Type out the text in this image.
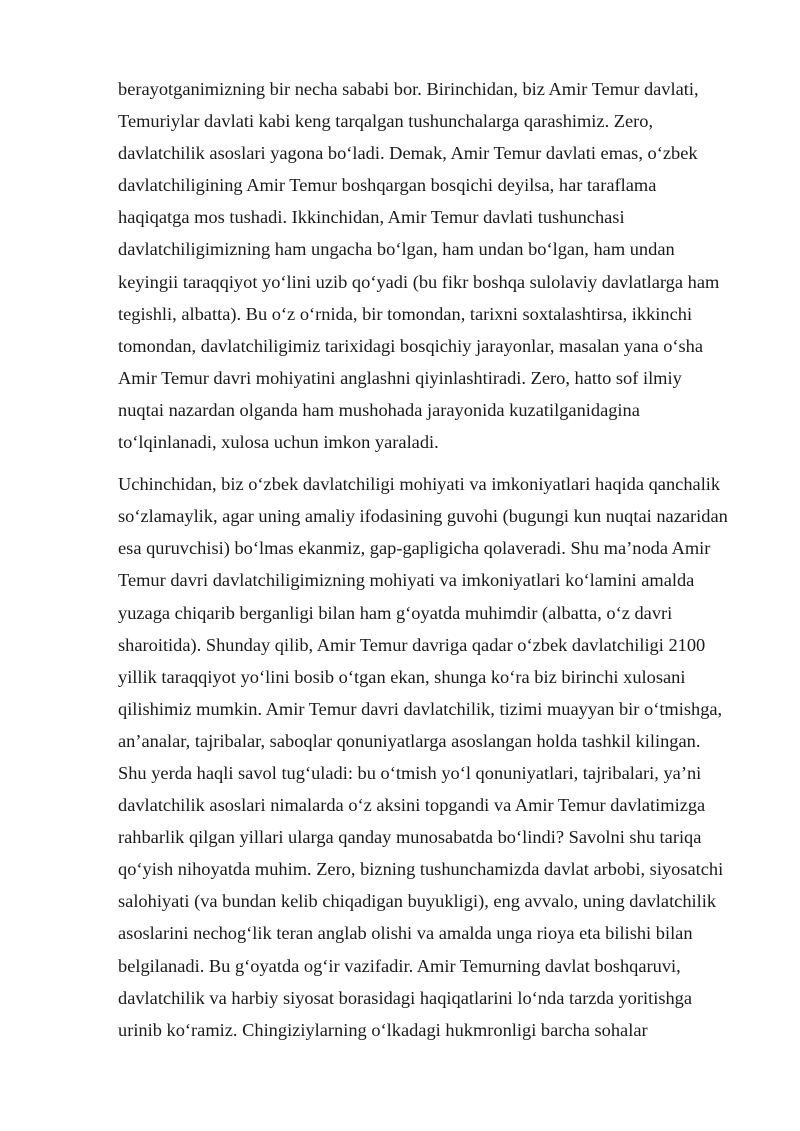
berayotganimizning bir necha sababi bor. Birinchidan, biz Amir Temur davlati,
Temuriylar davlati kabi keng tarqalgan tushunchalarga qarashimiz. Zero,
davlatchilik asoslari yagona boʻladi. Demak, Amir Temur davlati emas, oʻzbek
davlatchiligining Amir Temur boshqargan bosqichi deyilsa, har taraflama
haqiqatga mos tushadi. Ikkinchidan, Amir Temur davlati tushunchasi
davlatchiligimizning ham ungacha boʻlgan, ham undan boʻlgan, ham undan
keyingii taraqqiyot yoʻlini uzib qoʻyadi (bu fikr boshqa sulolaviy davlatlarga ham
tegishli, albatta). Bu oʻz oʻrnida, bir tomondan, tarixni soxtalashtirsa, ikkinchi
tomondan, davlatchiligimiz tarixidagi bosqichiy jarayonlar, masalan yana oʻsha
Amir Temur davri mohiyatini anglashni qiyinlashtiradi. Zero, hatto sof ilmiy
nuqtai nazardan olganda ham mushohada jarayonida kuzatilganidagina
toʻlqinlanadi, xulosa uchun imkon yaraladi.
Uchinchidan, biz oʻzbek davlatchiligi mohiyati va imkoniyatlari haqida qanchalik
soʻzlamaylik, agar uning amaliy ifodasining guvohi (bugungi kun nuqtai nazaridan
esa quruvchisi) boʻlmas ekanmiz, gap-gapligicha qolaveradi. Shu maʼnoda Amir
Temur davri davlatchiligimizning mohiyati va imkoniyatlari koʻlamini amalda
yuzaga chiqarib berganligi bilan ham gʻoyatda muhimdir (albatta, oʻz davri
sharoitida). Shunday qilib, Amir Temur davriga qadar oʻzbek davlatchiligi 2100
yillik taraqqiyot yoʻlini bosib oʻtgan ekan, shunga koʻra biz birinchi xulosani
qilishimiz mumkin. Amir Temur davri davlatchilik, tizimi muayyan bir oʻtmishga,
anʼanalar, tajribalar, saboqlar qonuniyatlarga asoslangan holda tashkil kilingan.
Shu yerda haqli savol tugʻuladi: bu oʻtmish yoʻl qonuniyatlari, tajribalari, yaʼni
davlatchilik asoslari nimalarda oʻz aksini topgandi va Amir Temur davlatimizga
rahbarlik qilgan yillari ularga qanday munosabatda boʻlindi? Savolni shu tariqa
qoʻyish nihoyatda muhim. Zero, bizning tushunchamizda davlat arbobi, siyosatchi
salohiyati (va bundan kelib chiqadigan buyukligi), eng avvalo, uning davlatchilik
asoslarini nechogʻlik teran anglab olishi va amalda unga rioya eta bilishi bilan
belgilanadi. Bu gʻoyatda ogʻir vazifadir. Amir Temurning davlat boshqaruvi,
davlatchilik va harbiy siyosat borasidagi haqiqatlarini loʻnda tarzda yoritishga
urinib koʻramiz. Chingiziylarning oʻlkadagi hukmronligi barcha sohalar
